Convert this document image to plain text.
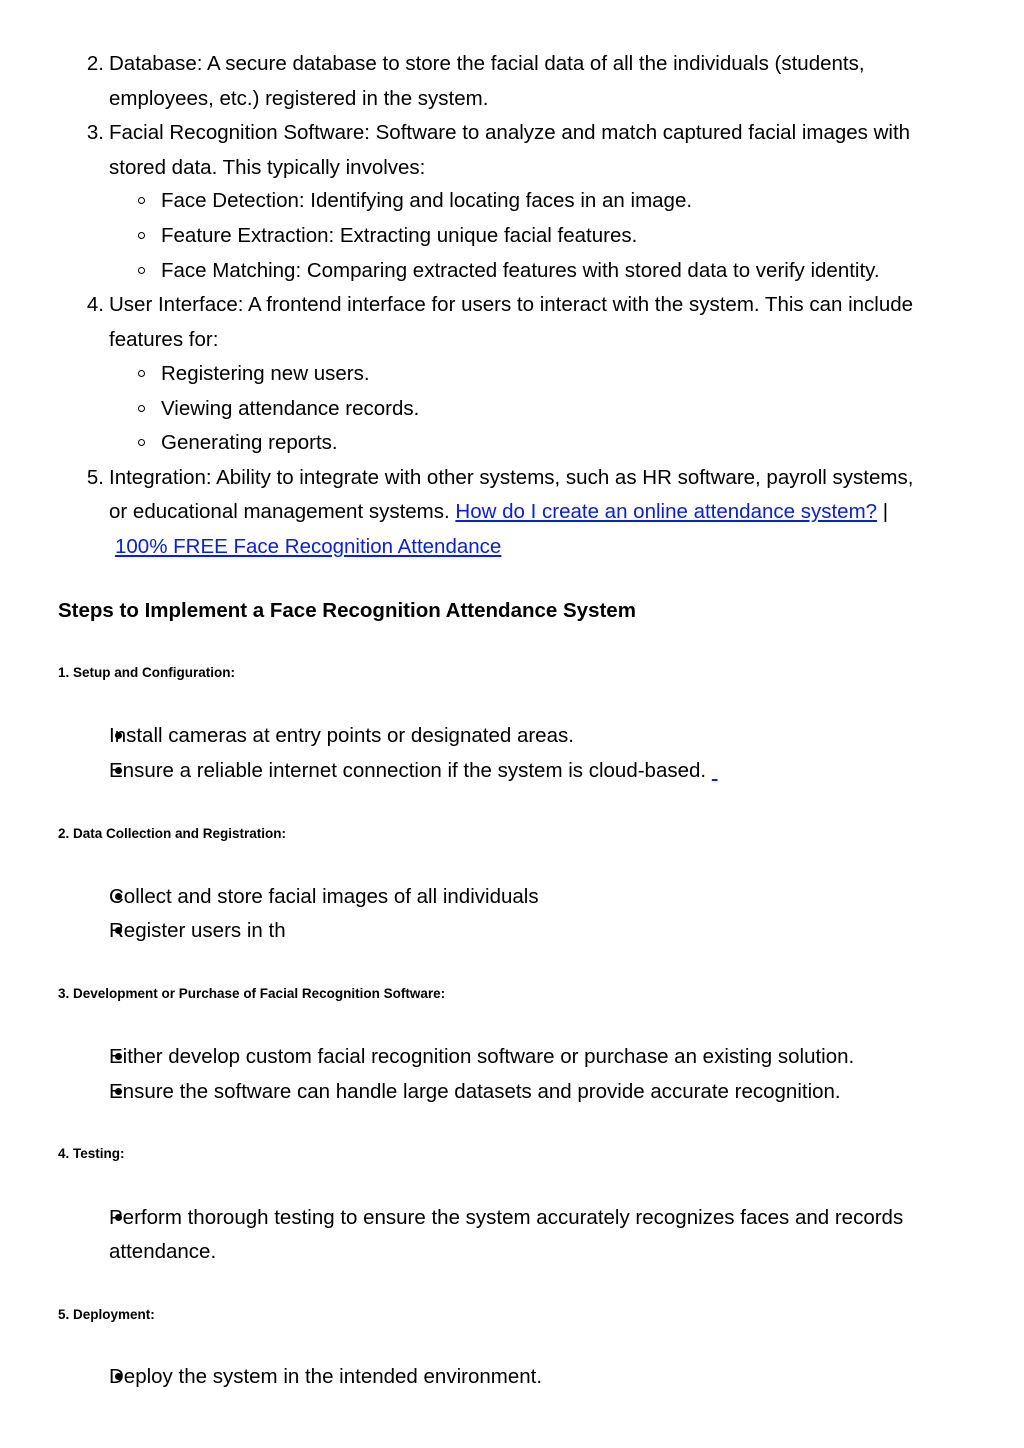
2. Database: A secure database to store the facial data of all the individuals (students,
employees, etc.) registered in the system.
3. Facial Recognition Software: Software to analyze and match captured facial images with
stored data. This typically involves:
Face Detection: Identifying and locating faces in an image.
Feature Extraction: Extracting unique facial features.
Face Matching: Comparing extracted features with stored data to verify identity.
4. User Interface: A frontend interface for users to interact with the system. This can include
features for:
Registering new users.
Viewing attendance records.
Generating reports.
5. Integration: Ability to integrate with other systems, such as HR software, payroll systems,
or educational management systems. How do I create an online attendance system? |
100% FREE Face Recognition Attendance
Steps to Implement a Face Recognition Attendance System
1. Setup and Configuration:
Install cameras at entry points or designated areas.
Ensure a reliable internet connection if the system is cloud-based.
2. Data Collection and Registration:
Collect and store facial images of all individuals
Register users in th
3. Development or Purchase of Facial Recognition Software:
Either develop custom facial recognition software or purchase an existing solution.
Ensure the software can handle large datasets and provide accurate recognition.
4. Testing:
Perform thorough testing to ensure the system accurately recognizes faces and records
attendance.
5. Deployment:
Deploy the system in the intended environment.
